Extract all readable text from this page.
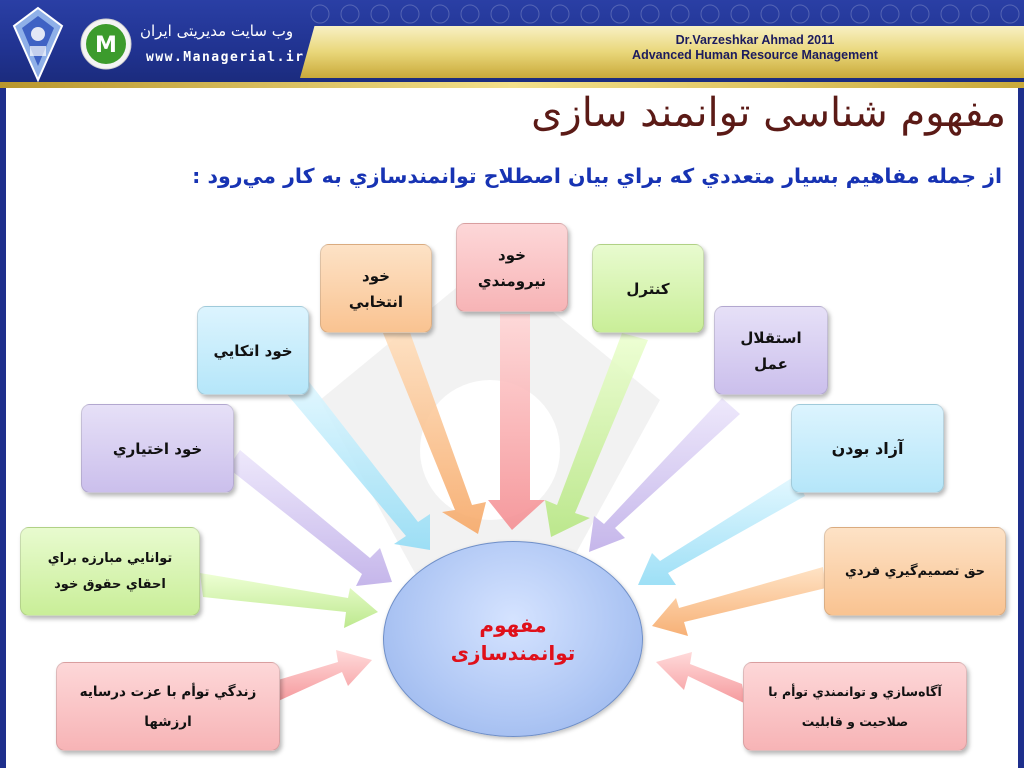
M
وب سایت مدیریتی ایران
www.Managerial.ir
Dr.Varzeshkar Ahmad 2011
Advanced Human Resource Management
مفهوم شناسی توانمند سازی
از جمله مفاهيم بسيار متعددي كه براي بيان اصطلاح توانمندسازي به كار مي‌رود :
خود نيرومندي
خود انتخابي
كنترل
خود اتكايي
استقلال عمل
خود اختياري	آزاد بودن
توانايي مبارزه براي احقاي حقوق خود
حق تصميم‌گيري فردي
زندگي توأم با عزت درسايه ارزشها
آگاه‌سازي و توانمندي توأم با صلاحيت و قابليت
مفهوم
توانمندسازی
